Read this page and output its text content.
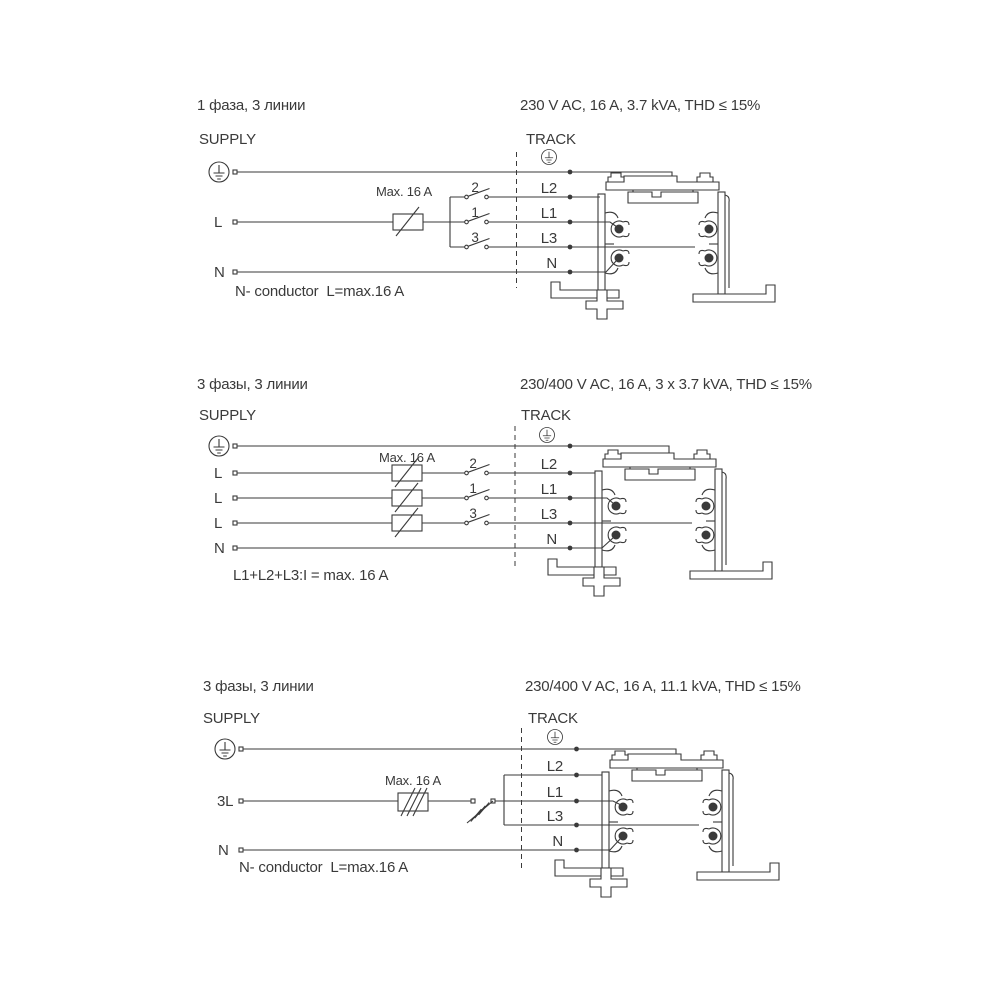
1 фаза, 3 линии	230 V AC, 16 A, 3.7 kVA, THD ≤ 15%
SUPPLY	TRACK
Max. 16 A	2
1
3
L
N
L2
L1
L3
N
N- conductor  L=max.16 A
3 фазы, 3 линии	230/400 V AC, 16 A, 3 x 3.7 kVA, THD ≤ 15%
SUPPLY	TRACK
Max. 16 A	2
1
3
L
L
L
N
L2
L1
L3
N
L1+L2+L3:I = max. 16 A
3 фазы, 3 линии	230/400 V AC, 16 A, 11.1 kVA, THD ≤ 15%
SUPPLY	TRACK
Max. 16 A
3L
N
L2
L1
L3
N
N- conductor  L=max.16 A
